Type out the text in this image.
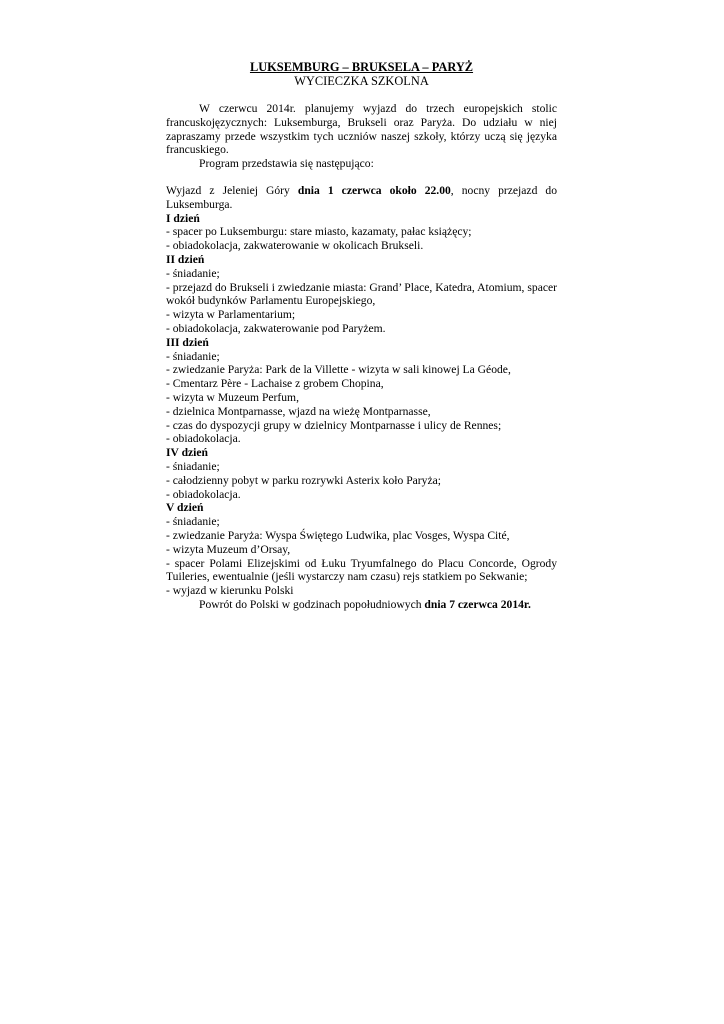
LUKSEMBURG – BRUKSELA – PARYŻ

WYCIECZKA SZKOLNA

W czerwcu 2014r. planujemy wyjazd do trzech europejskich stolic francuskojęzycznych: Luksemburga, Brukseli oraz Paryża. Do udziału w niej zapraszamy przede wszystkim tych uczniów naszej szkoły, którzy uczą się języka francuskiego.

Program przedstawia się następująco:

Wyjazd z Jeleniej Góry dnia 1 czerwca około 22.00, nocny przejazd do Luksemburga.

I dzień

- spacer po Luksemburgu: stare miasto, kazamaty, pałac książęcy;

- obiadokolacja, zakwaterowanie w okolicach Brukseli.

II dzień

- śniadanie;

- przejazd do Brukseli i zwiedzanie miasta: Grand’ Place, Katedra, Atomium, spacer wokół budynków Parlamentu Europejskiego,

- wizyta w Parlamentarium;

- obiadokolacja, zakwaterowanie pod Paryżem.

III dzień

- śniadanie;

- zwiedzanie Paryża: Park de la Villette - wizyta w sali kinowej La Géode,

- Cmentarz Père - Lachaise z grobem Chopina,

- wizyta w Muzeum Perfum,

- dzielnica Montparnasse, wjazd na wieżę Montparnasse,

- czas do dyspozycji grupy w dzielnicy Montparnasse i ulicy de Rennes;

- obiadokolacja.

IV dzień

- śniadanie;

- całodzienny pobyt w parku rozrywki Asterix koło Paryża;

- obiadokolacja.

V dzień

- śniadanie;

- zwiedzanie Paryża: Wyspa Świętego Ludwika, plac Vosges, Wyspa Cité,

- wizyta Muzeum d’Orsay,

- spacer Polami Elizejskimi od Łuku Tryumfalnego do Placu Concorde, Ogrody Tuileries, ewentualnie (jeśli wystarczy nam czasu) rejs statkiem po Sekwanie;

- wyjazd w kierunku Polski

Powrót do Polski w godzinach popołudniowych dnia 7 czerwca 2014r.
